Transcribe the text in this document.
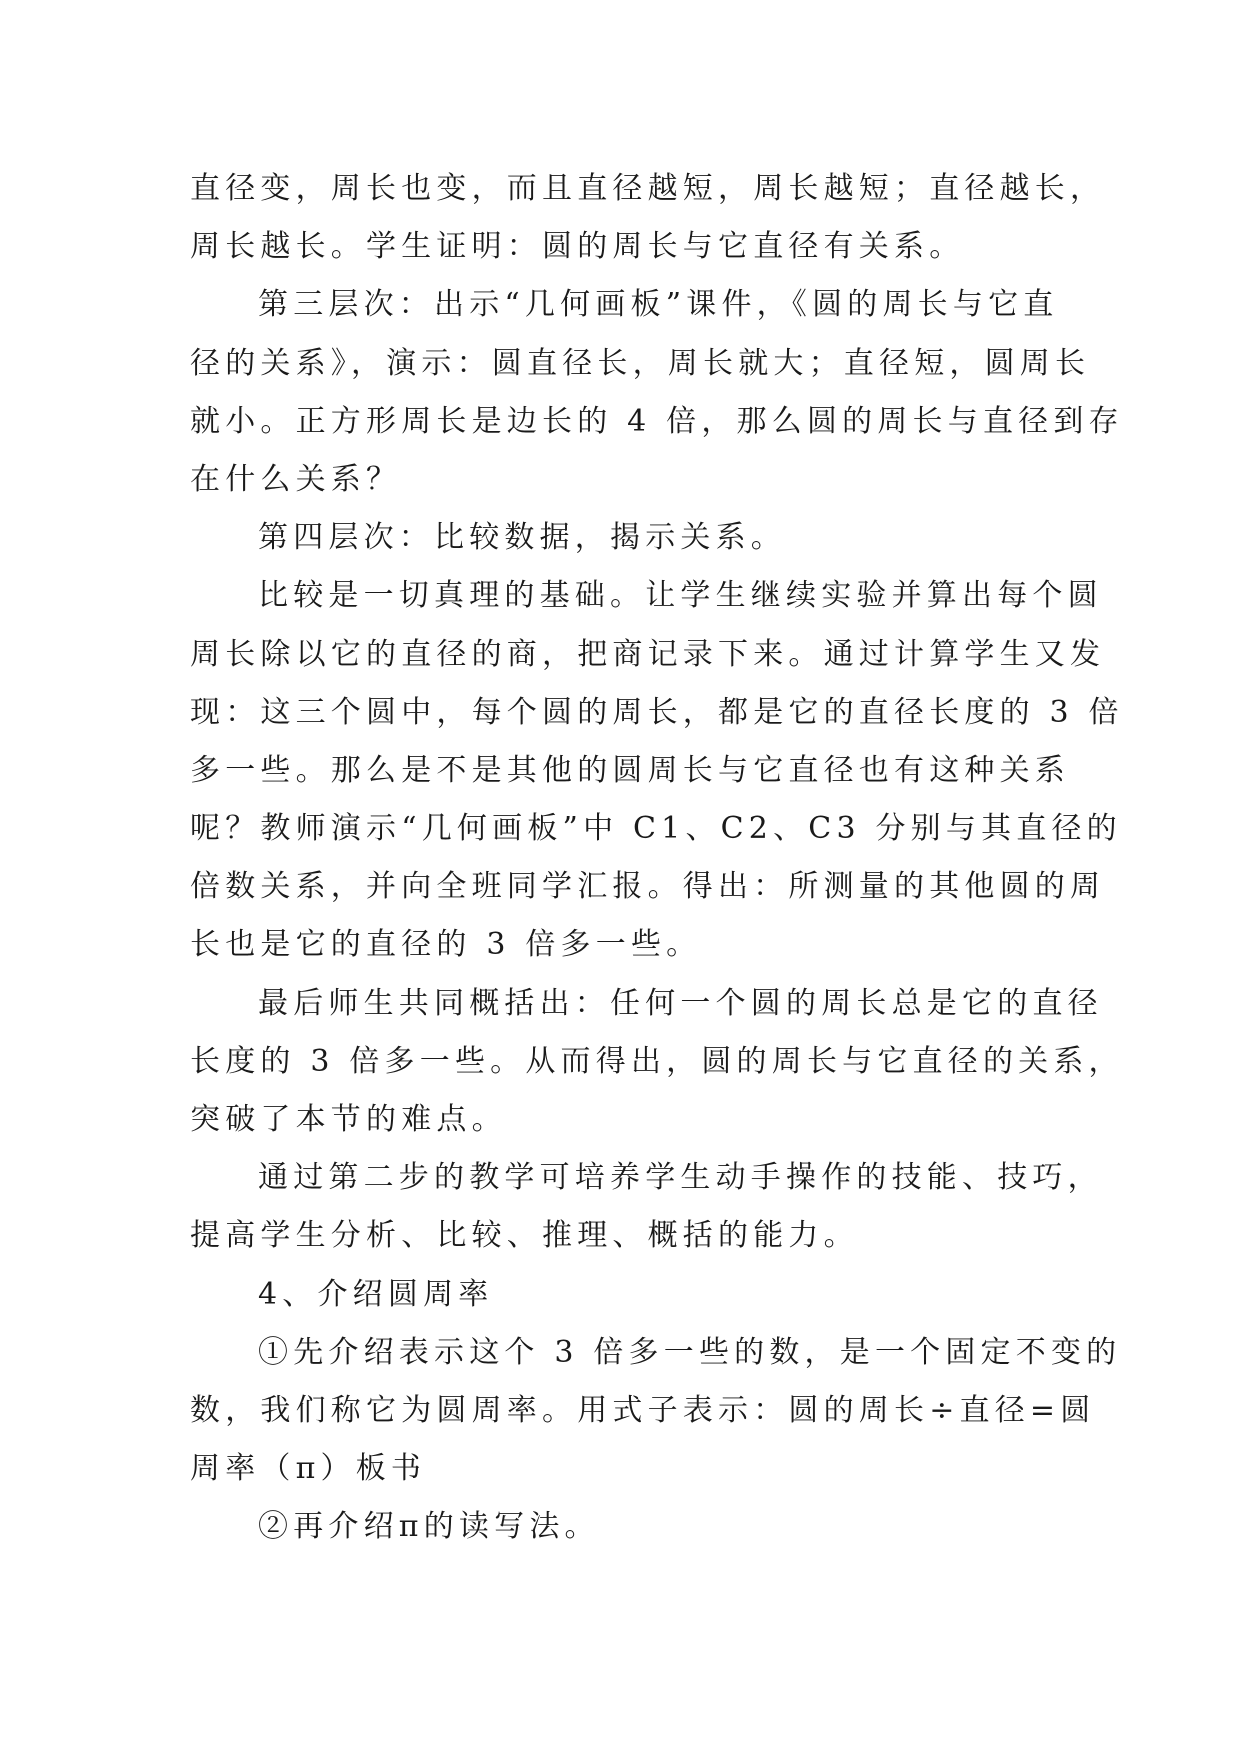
直径变，周长也变，而且直径越短，周长越短；直径越长，
周长越长。学生证明：圆的周长与它直径有关系。
第三层次：出示“几何画板”课件，《圆的周长与它直
径的关系》，演示：圆直径长，周长就大；直径短，圆周长
就小。正方形周长是边长的 4 倍，那么圆的周长与直径到存
在什么关系？
第四层次：比较数据，揭示关系。
比较是一切真理的基础。让学生继续实验并算出每个圆
周长除以它的直径的商，把商记录下来。通过计算学生又发
现：这三个圆中，每个圆的周长，都是它的直径长度的 3 倍
多一些。那么是不是其他的圆周长与它直径也有这种关系
呢？教师演示“几何画板”中 C1、C2、C3 分别与其直径的
倍数关系，并向全班同学汇报。得出：所测量的其他圆的周
长也是它的直径的 3 倍多一些。
最后师生共同概括出：任何一个圆的周长总是它的直径
长度的 3 倍多一些。从而得出，圆的周长与它直径的关系，
突破了本节的难点。
通过第二步的教学可培养学生动手操作的技能、技巧，
提高学生分析、比较、推理、概括的能力。
4、介绍圆周率
①先介绍表示这个 3 倍多一些的数，是一个固定不变的
数，我们称它为圆周率。用式子表示：圆的周长÷直径=圆
周率（π）板书
②再介绍π的读写法。
